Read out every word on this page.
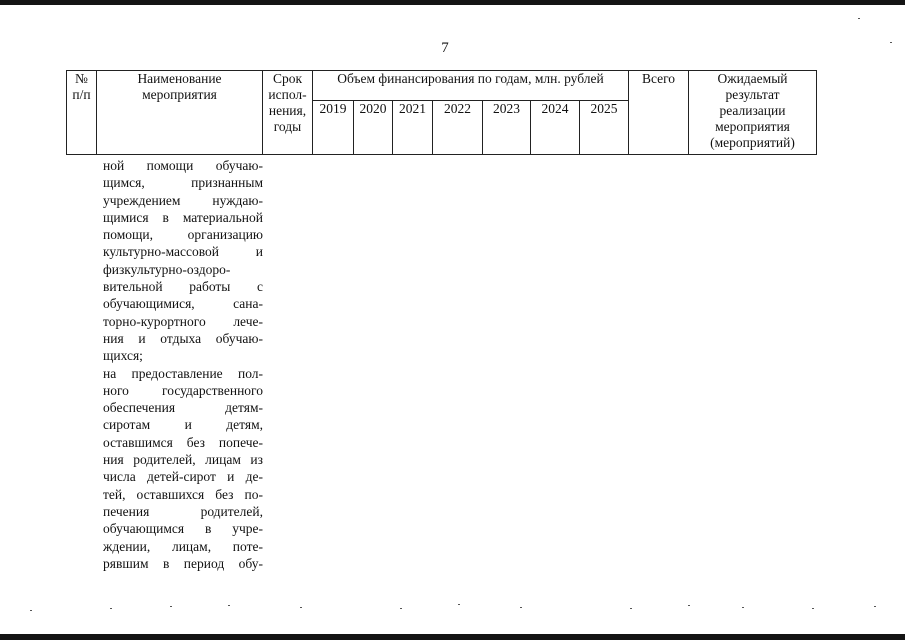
7
№ п/п	Наименование мероприятия	Срок испол-нения, годы	Объем финансирования по годам, млн. рублей							Всего	Ожидаемый результат реализации мероприятия (мероприятий)
			2019	2020	2021	2022	2023	2024	2025		
ной помощи обучаю-
щимся, признанным
учреждением нуждаю-
щимися в материальной
помощи, организацию
культурно-массовой и
физкультурно-оздоро-
вительной работы с
обучающимися, сана-
торно-курортного лече-
ния и отдыха обучаю-
щихся;
на предоставление пол-
ного государственного
обеспечения детям-
сиротам и детям,
оставшимся без попече-
ния родителей, лицам из
числа детей-сирот и де-
тей, оставшихся без по-
печения родителей,
обучающимся в учре-
ждении, лицам, поте-
рявшим в период обу-
